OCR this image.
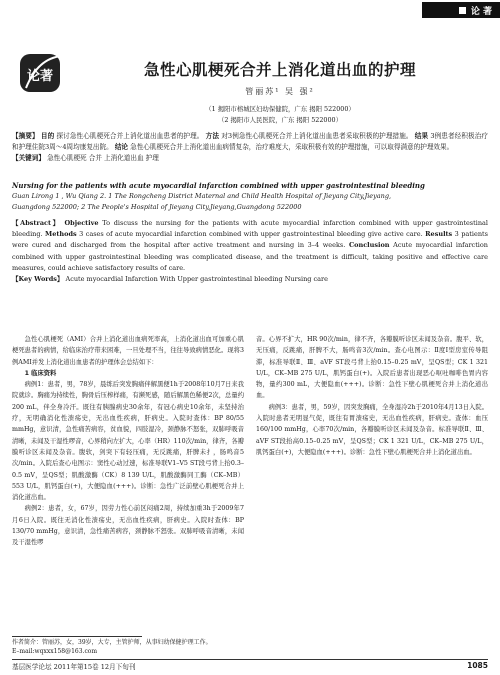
论 著
论著	急性心肌梗死合并上消化道出血的护理
管丽苏¹ 吴 强²
（1 揭阳市榕城区妇幼保健院，广东 揭阳 522000）
（2 揭阳市人民医院，广东 揭阳 522000）
【摘要】 目的 探讨急性心肌梗死合并上消化道出血患者的护理。 方法 对3例急性心肌梗死合并上消化道出血患者采取积极的护理措施。 结果 3例患者经积极治疗和护理住院3周～4周均康复出院。 结论 急性心肌梗死合并上消化道出血病情复杂，治疗难度大，采取积极有效的护理措施，可以取得满意的护理效果。
【关键词】 急性心肌梗死 合并 上消化道出血 护理
Nursing for the patients with acute myocardial infarction combined with upper gastrointestinal bleeding
Guan Lirong 1 , Wu Qiang 2. 1 The Rongcheng District Maternal and Child Health Hospital of Jieyang City,Jieyang,
Guangdong 522000; 2 The People's Hospital of Jieyang City,Jieyang,Guangdong 522000
【Abstract】 Objective To discuss the nursing for the patients with acute myocardial infarction combined with upper gastrointestinal bleeding. Methods 3 cases of acute myocardial infarction combined with upper gastrointestinal bleeding give active care. Results 3 patients were cured and discharged from the hospital after active treatment and nursing in 3–4 weeks. Conclusion Acute myocardial infarction combined with upper gastrointestinal bleeding was complicated disease, and the treatment is difficult, taking positive and effective care measures, could achieve satisfactory results of care.
【Key Words】 Acute myocardial Infarction With Upper gastrointestinal bleeding Nursing care

急性心肌梗死（AMI）合并上消化道出血病死率高，上消化道出血可加重心肌梗死患者的病情，给临床治疗带来困难，一旦处理不当，往往导致病情恶化。现将3例AMI并发上消化道出血患者的护理体会总结如下：

1 临床资料

病例1：患者，男，78岁，晨练后突发胸痛伴解黑便1h于2008年10月7日来我院就诊。胸痛为持续性，胸骨后压榨样痛，有濒死感，随后解黑色稀便2次，总量约200 mL，伴全身冷汗。既往有胰腺病史30余年，有冠心病史10余年，未坚持治疗，无明确消化性溃疡史，无出血性疾病，肝病史。入院时查体：BP 80/55 mmHg，意识清，急性痛苦病容，贫血貌，四肢湿冷，颈静脉不怒张，双肺呼吸音清晰，未闻及干湿性啰音，心界稍向左扩大，心率（HR）110次/min，律齐，各瓣膜听诊区未闻及杂音。腹软，剑突下有轻压痛，无反跳痛，肝脾未扌，肠鸣音5次/min。入院后查心电图示：窦性心动过速，标准导联V1–V5 ST段弓背上抬0.3–0.5 mV，呈QS型；肌酸激酶（CK）8 139 U/L，肌酸激酶同工酶（CK–MB）553 U/L，肌钙蛋白(+)，大便隐血(+++)。诊断：急性广泛前壁心肌梗死合并上消化道出血。

病例2：患者，女，67岁，因劳力性心前区闷痛2周，持续加重3h于2009年7月6日入院。既往无消化性溃疡史，无出血性疾病，肝病史。入院时查体：BP 130/70 mmHg，意识清，急性痛苦病容，颈静脉不怒张。双肺呼吸音清晰，未闻及干湿性啰

音。心界不扩大，HR 90次/min，律不齐，各瓣膜听诊区未闻及杂音。腹平、软，无压痛，反跳痛，肝脾不大，肠鸣音3次/min。查心电图示：Ⅱ度Ⅰ型房室传导阻滞，标准导联Ⅱ、Ⅲ、aVF ST段弓背上抬0.15–0.25 mV，呈QS型；CK 1 321 U/L，CK–MB 275 U/L，肌钙蛋白(+)。入院后患者出现恶心呕吐咖啡色胃内容物，量约300 mL，大便隐血(+++)。诊断：急性下壁心肌梗死合并上消化道出血。

病例3：患者，男，59岁，因突发胸痛，全身湿冷2h于2010年4月13日入院。入院时患者无明显气促，既往有胃溃疡史，无出血性疾病，肝病史。查体：血压160/100 mmHg，心率70次/min，各瓣膜听诊区未闻及杂音。标准导联Ⅱ、Ⅲ、aVF ST段抬高0.15–0.25 mV，呈QS型；CK 1 321 U/L，CK–MB 275 U/L，肌钙蛋白(+)，大便隐血(+++)。诊断：急性下壁心肌梗死合并上消化道出血。

作者简介：管丽苏，女，39岁，大专，主管护师，从事妇幼保健护理工作。
E–mail:wqxxx158@163.com
基层医学论坛 2011年第15卷 12月下旬刊	1085
